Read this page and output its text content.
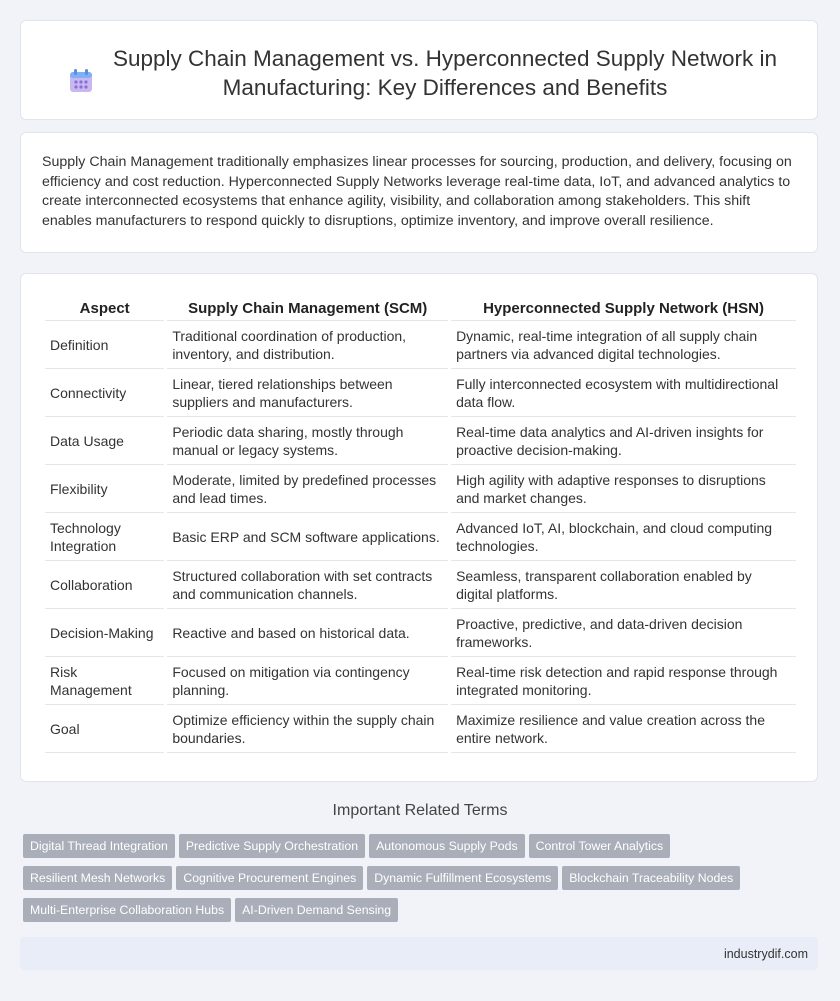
Supply Chain Management vs. Hyperconnected Supply Network in Manufacturing: Key Differences and Benefits
Supply Chain Management traditionally emphasizes linear processes for sourcing, production, and delivery, focusing on efficiency and cost reduction. Hyperconnected Supply Networks leverage real-time data, IoT, and advanced analytics to create interconnected ecosystems that enhance agility, visibility, and collaboration among stakeholders. This shift enables manufacturers to respond quickly to disruptions, optimize inventory, and improve overall resilience.
Aspect	Supply Chain Management (SCM)	Hyperconnected Supply Network (HSN)
Definition	Traditional coordination of production, inventory, and distribution.	Dynamic, real-time integration of all supply chain partners via advanced digital technologies.
Connectivity	Linear, tiered relationships between suppliers and manufacturers.	Fully interconnected ecosystem with multidirectional data flow.
Data Usage	Periodic data sharing, mostly through manual or legacy systems.	Real-time data analytics and AI-driven insights for proactive decision-making.
Flexibility	Moderate, limited by predefined processes and lead times.	High agility with adaptive responses to disruptions and market changes.
Technology Integration	Basic ERP and SCM software applications.	Advanced IoT, AI, blockchain, and cloud computing technologies.
Collaboration	Structured collaboration with set contracts and communication channels.	Seamless, transparent collaboration enabled by digital platforms.
Decision-Making	Reactive and based on historical data.	Proactive, predictive, and data-driven decision frameworks.
Risk Management	Focused on mitigation via contingency planning.	Real-time risk detection and rapid response through integrated monitoring.
Goal	Optimize efficiency within the supply chain boundaries.	Maximize resilience and value creation across the entire network.
Important Related Terms
Digital Thread Integration Predictive Supply Orchestration Autonomous Supply Pods Control Tower Analytics
Resilient Mesh Networks Cognitive Procurement Engines Dynamic Fulfillment Ecosystems Blockchain Traceability Nodes
Multi-Enterprise Collaboration Hubs AI-Driven Demand Sensing
industrydif.com
